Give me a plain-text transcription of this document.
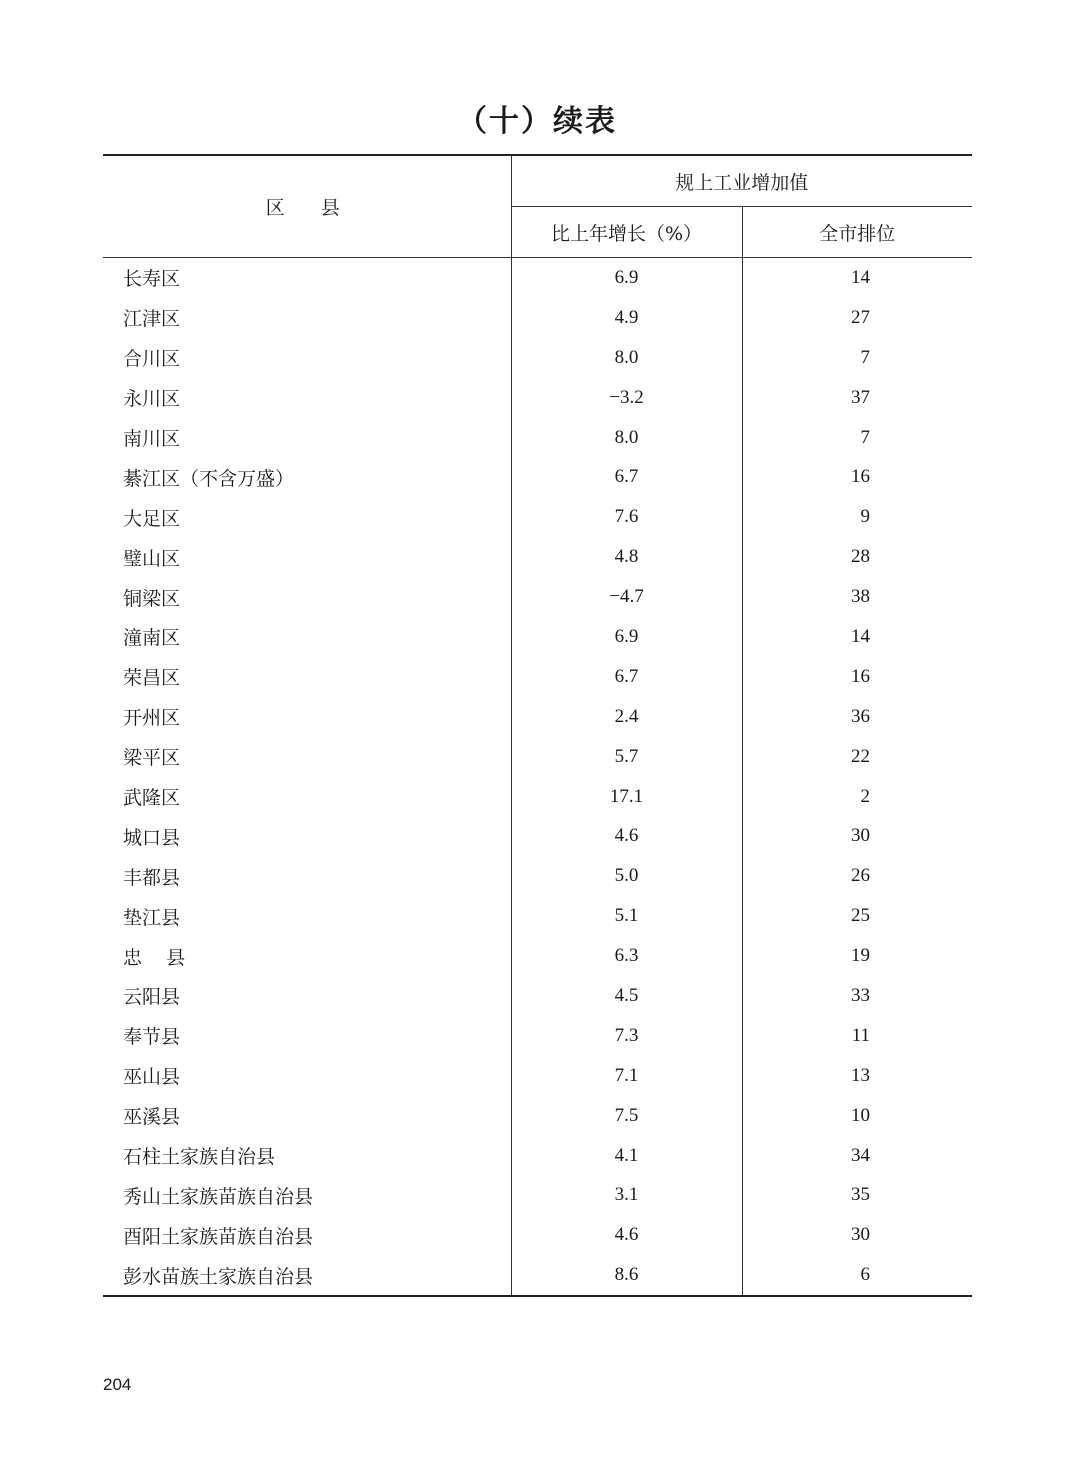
（十）续表
区  县	规上工业增加值	
	比上年增长（%）	全市排位
长寿区	6.9	14
江津区	4.9	27
合川区	8.0	7
永川区	−3.2	37
南川区	8.0	7
綦江区（不含万盛）	6.7	16
大足区	7.6	9
璧山区	4.8	28
铜梁区	−4.7	38
潼南区	6.9	14
荣昌区	6.7	16
开州区	2.4	36
梁平区	5.7	22
武隆区	17.1	2
城口县	4.6	30
丰都县	5.0	26
垫江县	5.1	25
忠    县	6.3	19
云阳县	4.5	33
奉节县	7.3	11
巫山县	7.1	13
巫溪县	7.5	10
石柱土家族自治县	4.1	34
秀山土家族苗族自治县	3.1	35
酉阳土家族苗族自治县	4.6	30
彭水苗族土家族自治县	8.6	6
204
